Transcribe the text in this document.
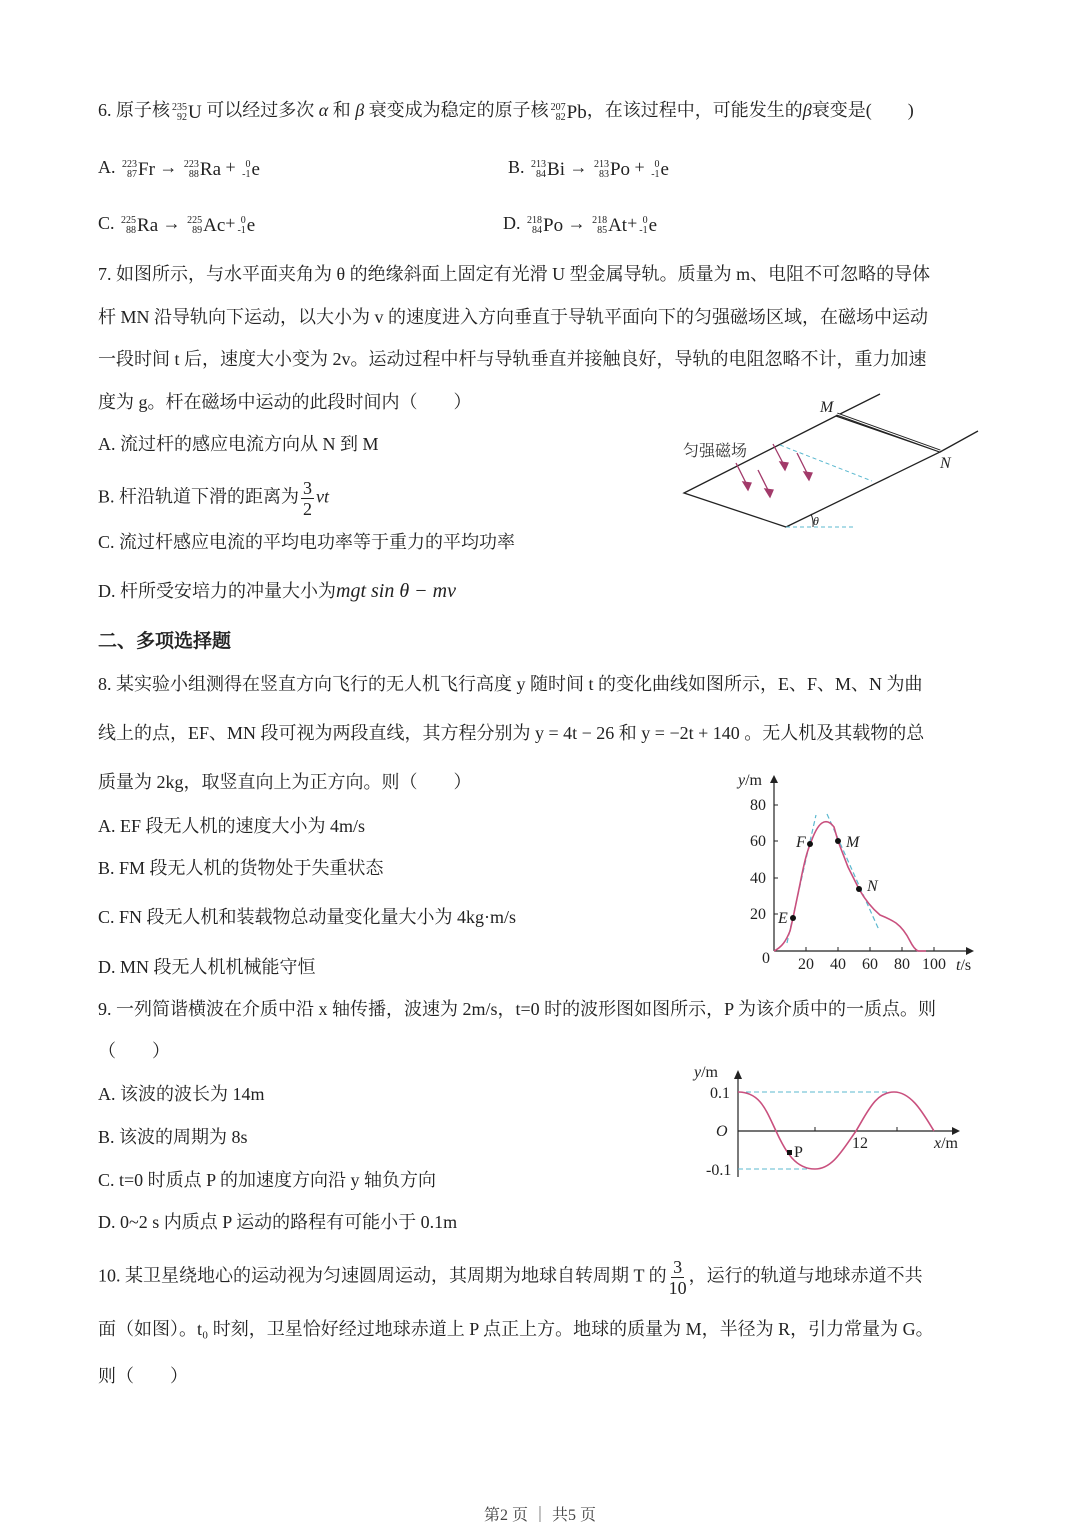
6. 原子核 235
92 U 可以经过多次 α 和 β 衰变成为稳定的原子核 207
82 Pb，在该过程中，可能发生的β衰变是(　　)
A. 223
87 Fr → 223
88 Ra + 0
-1 e	B. 213
84 Bi → 213
83 Po + 0
-1 e
C. 225
88 Ra → 225
89 Ac+ 0
-1 e	D. 218
84 Po → 218
85 At+ 0
-1 e
7. 如图所示，与水平面夹角为 θ 的绝缘斜面上固定有光滑 U 型金属导轨。质量为 m、电阻不可忽略的导体
杆 MN 沿导轨向下运动，以大小为 v 的速度进入方向垂直于导轨平面向下的匀强磁场区域，在磁场中运动
一段时间 t 后，速度大小变为 2v。运动过程中杆与导轨垂直并接触良好，导轨的电阻忽略不计，重力加速
度为 g。杆在磁场中运动的此段时间内（　　）
A. 流过杆的感应电流方向从 N 到 M
B. 杆沿轨道下滑的距离为 $\frac{3}{2}$ vt
C. 流过杆感应电流的平均电功率等于重力的平均功率
D. 杆所受安培力的冲量大小为mgt sin θ − mv
匀强磁场
M
N
θ
二、多项选择题
8. 某实验小组测得在竖直方向飞行的无人机飞行高度 y 随时间 t 的变化曲线如图所示，E、F、M、N 为曲
线上的点，EF、MN 段可视为两段直线，其方程分别为 y = 4t − 26 和 y = −2t + 140 。无人机及其载物的总
质量为 2kg，取竖直向上为正方向。则（　　）
A. EF 段无人机的速度大小为 4m/s
B. FM 段无人机的货物处于失重状态
C. FN 段无人机和装载物总动量变化量大小为 4kg·m/s
D. MN 段无人机机械能守恒
y/m
80
60
40
20
0 20 40 60 80 100 t/s
E
F	M
N
9. 一列简谐横波在介质中沿 x 轴传播，波速为 2m/s，t=0 时的波形图如图所示，P 为该介质中的一质点。则
（　　）
A. 该波的波长为 14m
B. 该波的周期为 8s
C. t=0 时质点 P 的加速度方向沿 y 轴负方向
D. 0~2 s 内质点 P 运动的路程有可能小于 0.1m
P
y/m
0.1
O
-0.1
12	x/m
10. 某卫星绕地心的运动视为匀速圆周运动，其周期为地球自转周期 T 的 $\frac{3}{10}$ ，运行的轨道与地球赤道不共
面（如图）。t₀ 时刻，卫星恰好经过地球赤道上 P 点正上方。地球的质量为 M，半径为 R，引力常量为 G。
则（　　）
第2 页 ｜ 共5 页
